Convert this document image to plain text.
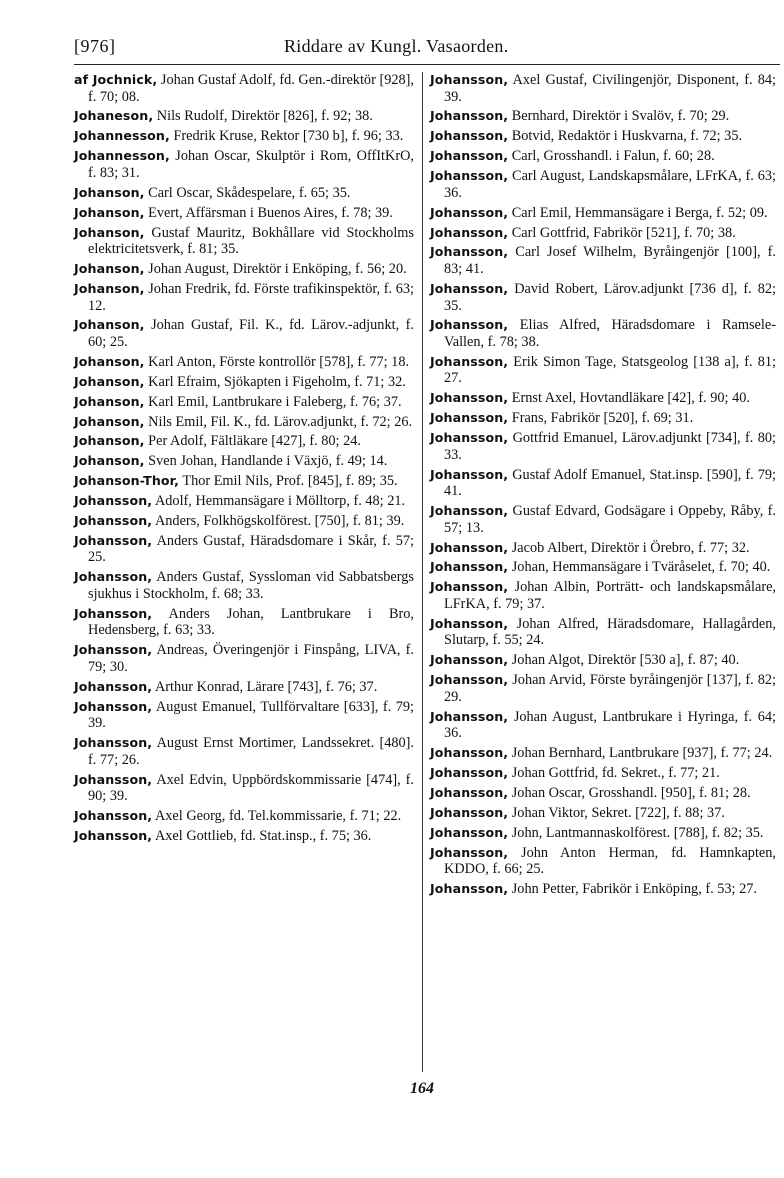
[976]	Riddare av Kungl. Vasaorden.

af Jochnick, Johan Gustaf Adolf, fd. Gen.-direktör [928], f. 70; 08.

Johaneson, Nils Rudolf, Direktör [826], f. 92; 38.

Johannesson, Fredrik Kruse, Rektor [730 b], f. 96; 33.

Johannesson, Johan Oscar, Skulptör i Rom, OffItKrO, f. 83; 31.

Johanson, Carl Oscar, Skådespelare, f. 65; 35.

Johanson, Evert, Affärsman i Buenos Aires, f. 78; 39.

Johanson, Gustaf Mauritz, Bokhållare vid Stockholms elektricitetsverk, f. 81; 35.

Johanson, Johan August, Direktör i Enköping, f. 56; 20.

Johanson, Johan Fredrik, fd. Förste trafikinspektör, f. 63; 12.

Johanson, Johan Gustaf, Fil. K., fd. Lärov.-adjunkt, f. 60; 25.

Johanson, Karl Anton, Förste kontrollör [578], f. 77; 18.

Johanson, Karl Efraim, Sjökapten i Figeholm, f. 71; 32.

Johanson, Karl Emil, Lantbrukare i Faleberg, f. 76; 37.

Johanson, Nils Emil, Fil. K., fd. Lärov.adjunkt, f. 72; 26.

Johanson, Per Adolf, Fältläkare [427], f. 80; 24.

Johanson, Sven Johan, Handlande i Växjö, f. 49; 14.

Johanson-Thor, Thor Emil Nils, Prof. [845], f. 89; 35.

Johansson, Adolf, Hemmansägare i Mölltorp, f. 48; 21.

Johansson, Anders, Folkhögskolförest. [750], f. 81; 39.

Johansson, Anders Gustaf, Häradsdomare i Skår, f. 57; 25.

Johansson, Anders Gustaf, Syssloman vid Sabbatsbergs sjukhus i Stockholm, f. 68; 33.

Johansson, Anders Johan, Lantbrukare i Bro, Hedensberg, f. 63; 33.

Johansson, Andreas, Överingenjör i Finspång, LIVA, f. 79; 30.

Johansson, Arthur Konrad, Lärare [743], f. 76; 37.

Johansson, August Emanuel, Tullförvaltare [633], f. 79; 39.

Johansson, August Ernst Mortimer, Landssekret. [480]. f. 77; 26.

Johansson, Axel Edvin, Uppbördskommissarie [474], f. 90; 39.

Johansson, Axel Georg, fd. Tel.kommissarie, f. 71; 22.

Johansson, Axel Gottlieb, fd. Stat.insp., f. 75; 36.

Johansson, Axel Gustaf, Civilingenjör, Disponent, f. 84; 39.

Johansson, Bernhard, Direktör i Svalöv, f. 70; 29.

Johansson, Botvid, Redaktör i Huskvarna, f. 72; 35.

Johansson, Carl, Grosshandl. i Falun, f. 60; 28.

Johansson, Carl August, Landskapsmålare, LFrKA, f. 63; 36.

Johansson, Carl Emil, Hemmansägare i Berga, f. 52; 09.

Johansson, Carl Gottfrid, Fabrikör [521], f. 70; 38.

Johansson, Carl Josef Wilhelm, Byråingenjör [100], f. 83; 41.

Johansson, David Robert, Lärov.adjunkt [736 d], f. 82; 35.

Johansson, Elias Alfred, Häradsdomare i Ramsele-Vallen, f. 78; 38.

Johansson, Erik Simon Tage, Statsgeolog [138 a], f. 81; 27.

Johansson, Ernst Axel, Hovtandläkare [42], f. 90; 40.

Johansson, Frans, Fabrikör [520], f. 69; 31.

Johansson, Gottfrid Emanuel, Lärov.adjunkt [734], f. 80; 33.

Johansson, Gustaf Adolf Emanuel, Stat.insp. [590], f. 79; 41.

Johansson, Gustaf Edvard, Godsägare i Oppeby, Råby, f. 57; 13.

Johansson, Jacob Albert, Direktör i Örebro, f. 77; 32.

Johansson, Johan, Hemmansägare i Tväråselet, f. 70; 40.

Johansson, Johan Albin, Porträtt- och landskapsmålare, LFrKA, f. 79; 37.

Johansson, Johan Alfred, Häradsdomare, Hallagården, Slutarp, f. 55; 24.

Johansson, Johan Algot, Direktör [530 a], f. 87; 40.

Johansson, Johan Arvid, Förste byråingenjör [137], f. 82; 29.

Johansson, Johan August, Lantbrukare i Hyringa, f. 64; 36.

Johansson, Johan Bernhard, Lantbrukare [937], f. 77; 24.

Johansson, Johan Gottfrid, fd. Sekret., f. 77; 21.

Johansson, Johan Oscar, Grosshandl. [950], f. 81; 28.

Johansson, Johan Viktor, Sekret. [722], f. 88; 37.

Johansson, John, Lantmannaskolförest. [788], f. 82; 35.

Johansson, John Anton Herman, fd. Hamnkapten, KDDO, f. 66; 25.

Johansson, John Petter, Fabrikör i Enköping, f. 53; 27.

164
